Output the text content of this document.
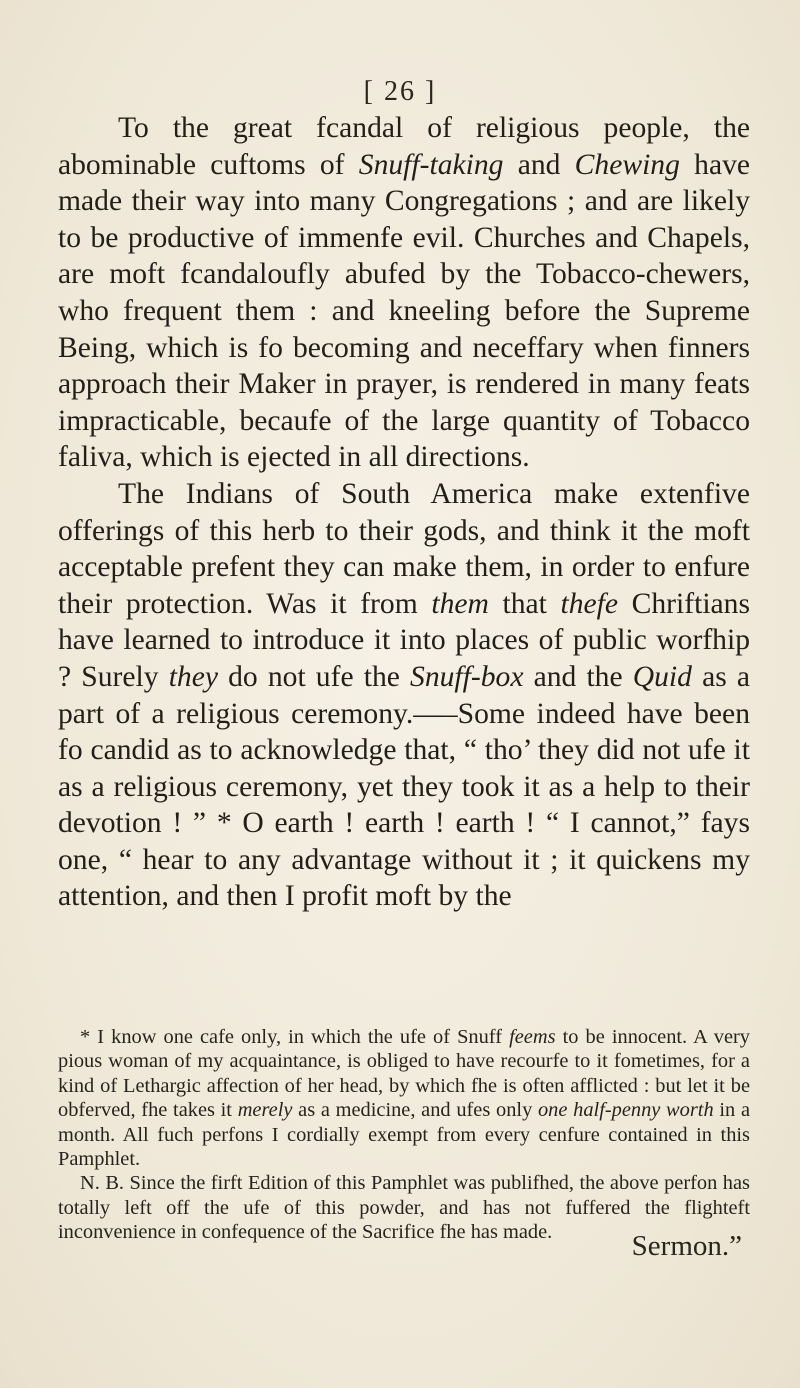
[ 26 ]

To the great fcandal of religious people, the abominable cuftoms of Snuff-taking and Chewing have made their way into many Congregations ; and are likely to be productive of immenfe evil. Churches and Chapels, are moft fcandaloufly abufed by the Tobacco-chewers, who frequent them : and kneeling before the Supreme Being, which is fo becoming and neceffary when finners approach their Maker in prayer, is rendered in many feats impracticable, becaufe of the large quantity of Tobacco faliva, which is ejected in all directions.

The Indians of South America make extenfive offerings of this herb to their gods, and think it the moft acceptable prefent they can make them, in order to enfure their protection. Was it from them that thefe Chriftians have learned to introduce it into places of public worfhip ? Surely they do not ufe the Snuff-box and the Quid as a part of a religious ceremony.—–Some indeed have been fo candid as to acknowledge that, “ tho’ they did not ufe it as a religious ceremony, yet they took it as a help to their devotion ! ” * O earth ! earth ! earth ! “ I cannot,” fays one, “ hear to any advantage without it ; it quickens my attention, and then I profit moft by the

* I know one cafe only, in which the ufe of Snuff feems to be innocent. A very pious woman of my acquaintance, is obliged to have recourfe to it fometimes, for a kind of Lethargic affection of her head, by which fhe is often afflicted : but let it be obferved, fhe takes it merely as a medicine, and ufes only one half-penny worth in a month. All fuch perfons I cordially exempt from every cenfure contained in this Pamphlet.

N. B. Since the firft Edition of this Pamphlet was publifhed, the above perfon has totally left off the ufe of this powder, and has not fuffered the flighteft inconvenience in confequence of the Sacrifice fhe has made.	Sermon.”
